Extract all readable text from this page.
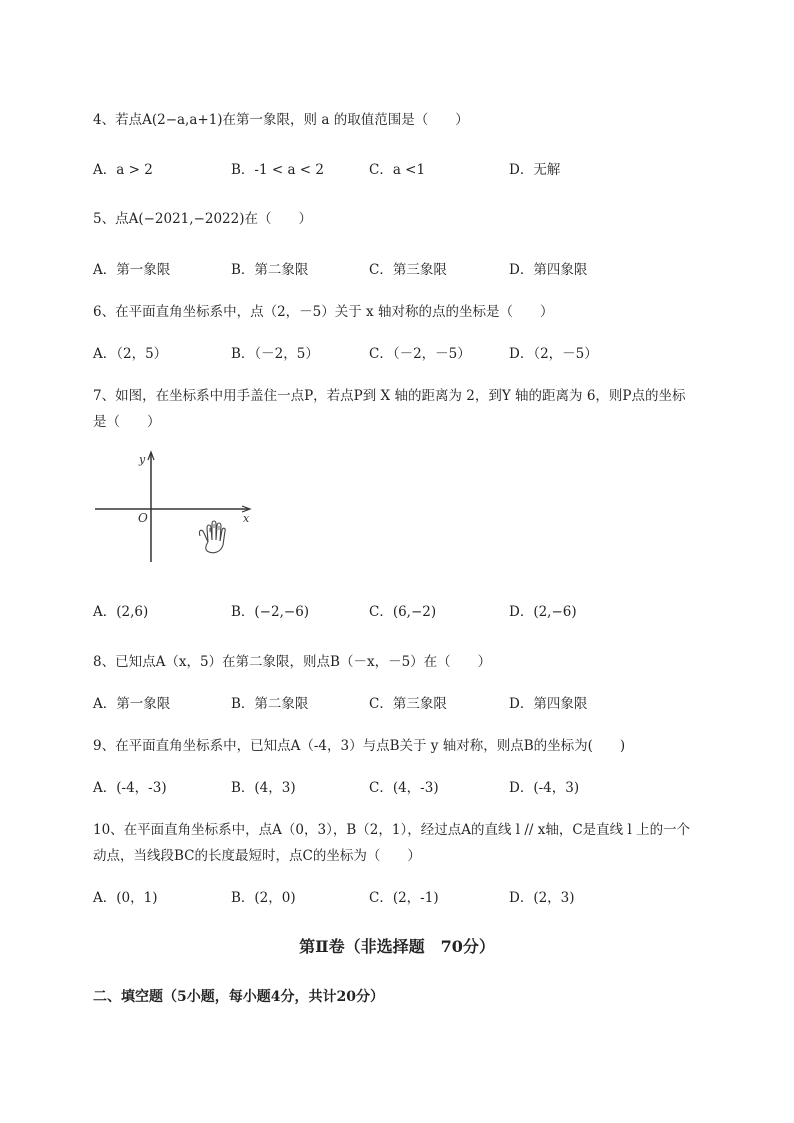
4、若点A(2−a,a+1)在第一象限，则 a 的取值范围是（　　）
A．a > 2	B．-1 < a < 2	C．a <1	D．无解
5、点A(−2021,−2022)在（　　）
A．第一象限	B．第二象限	C．第三象限	D．第四象限
6、在平面直角坐标系中，点（2，－5）关于 x 轴对称的点的坐标是（　　）
A．（2，5）	B．（－2，5）	C．（－2，－5）	D．（2，－5）
7、如图，在坐标系中用手盖住一点P，若点P到 X 轴的距离为 2，到Y 轴的距离为 6，则P点的坐标
是（　　）
y
x
O
A．(2,6)	B．(−2,−6)	C．(6,−2)	D．(2,−6)
8、已知点A（x，5）在第二象限，则点B（－x，－5）在（　　）
A．第一象限	B．第二象限	C．第三象限	D．第四象限
9、在平面直角坐标系中，已知点A（-4，3）与点B关于 y 轴对称，则点B的坐标为(　　)
A．(-4，-3)	B．(4，3)	C．(4，-3)	D．(-4，3)
10、在平面直角坐标系中，点A（0，3），B（2，1），经过点A的直线 l // x轴，C是直线 l 上的一个
动点，当线段BC的长度最短时，点C的坐标为（　　）
A．(0，1)	B．(2，0)	C．(2，-1)	D．(2，3)
第Ⅱ卷（非选择题　70分）
二、填空题（5小题，每小题4分，共计20分）
